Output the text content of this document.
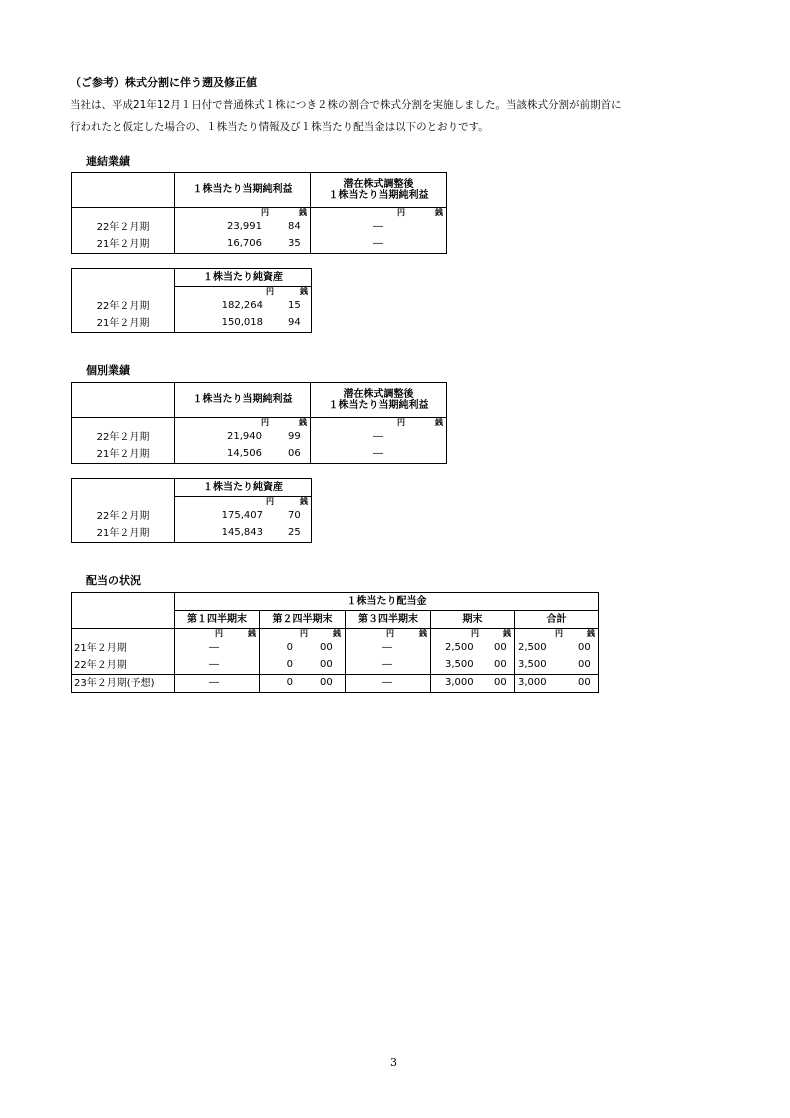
（ご参考）株式分割に伴う遡及修正値
当社は、平成21年12月１日付で普通株式１株につき２株の割合で株式分割を実施しました。当該株式分割が前期首に
行われたと仮定した場合の、１株当たり情報及び１株当たり配当金は以下のとおりです。
連結業績
	１株当たり当期純利益	潜在株式調整後
１株当たり当期純利益

	円 銭	円 銭

22年２月期	23,991 84	―

21年２月期	16,706 35	―
	１株当たり純資産

	円 銭

22年２月期	182,264 15

21年２月期	150,018 94
個別業績
	１株当たり当期純利益	潜在株式調整後
１株当たり当期純利益

	円 銭	円 銭

22年２月期	21,940 99	―

21年２月期	14,506 06	―
	１株当たり純資産

	円 銭

22年２月期	175,407 70

21年２月期	145,843 25
配当の状況
	１株当たり配当金				
	第１四半期末	第２四半期末	第３四半期末	期末	合計

	円 銭	円 銭	円 銭	円 銭	円 銭

21年２月期	―	0 00	―	2,500 00	2,500 00

22年２月期	―	0 00	―	3,500 00	3,500 00

23年２月期(予想)	―	0 00	―	3,000 00	3,000 00
3
